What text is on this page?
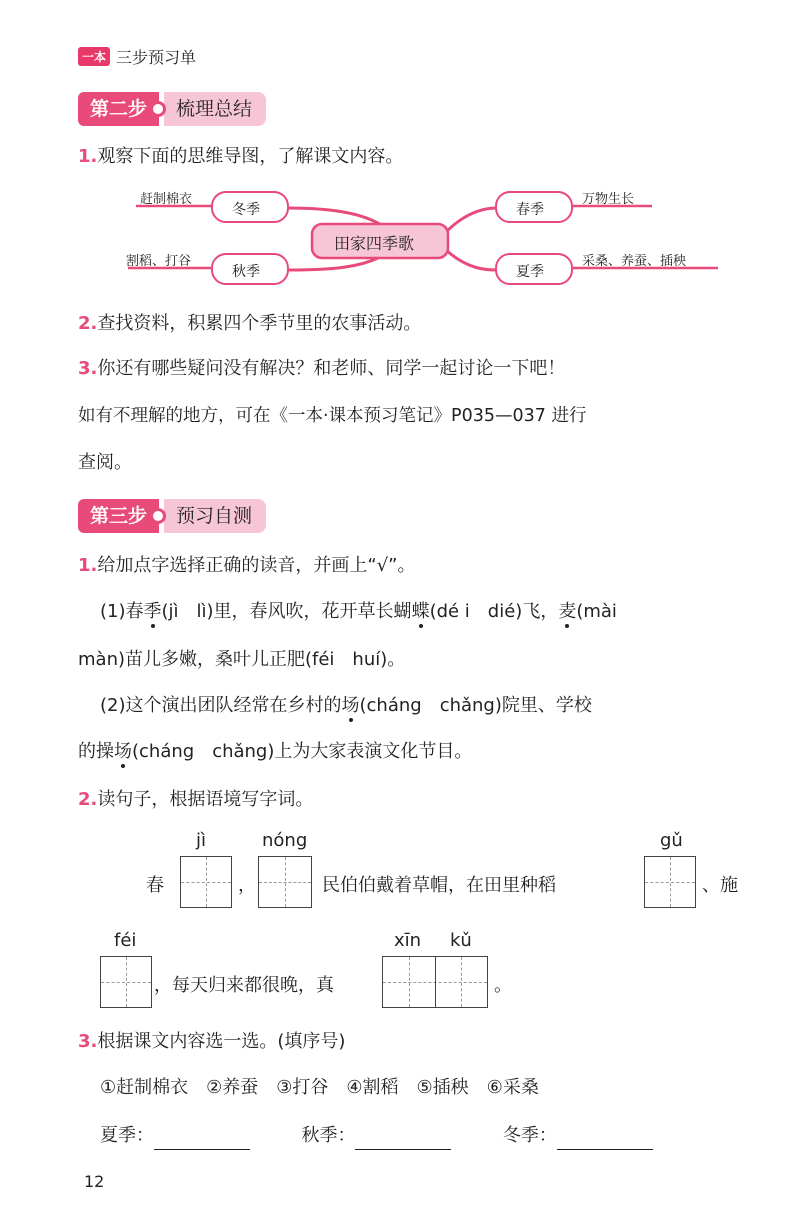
一本 三步预习单
第二步	梳理总结
1.观察下面的思维导图，了解课文内容。
赶制棉衣
冬季
割稻、打谷
秋季
田家四季歌
春季
万物生长
夏季
采桑、养蚕、插秧
2.查找资料，积累四个季节里的农事活动。
3.你还有哪些疑问没有解决？和老师、同学一起讨论一下吧！
如有不理解的地方，可在《一本·课本预习笔记》P035—037 进行
查阅。
第三步	预习自测
1.给加点字选择正确的读音，并画上“√”。
(1)春季(jì　lì)里，春风吹，花开草长蝴蝶(dé i　dié)飞，麦(mài
màn)苗儿多嫩，桑叶儿正肥(féi　huí)。
(2)这个演出团队经常在乡村的场(cháng　chǎng)院里、学校
的操场(cháng　chǎng)上为大家表演文化节目。
2.读句子，根据语境写字词。
jì	nóng	gǔ
春	，	民伯伯戴着草帽，在田里种稻	、施
féi	xīn kǔ
，每天归来都很晚，真	。
3.根据课文内容选一选。(填序号)
①赶制棉衣　②养蚕　③打谷　④割稻　⑤插秧　⑥采桑
夏季：	秋季：	冬季：
12
